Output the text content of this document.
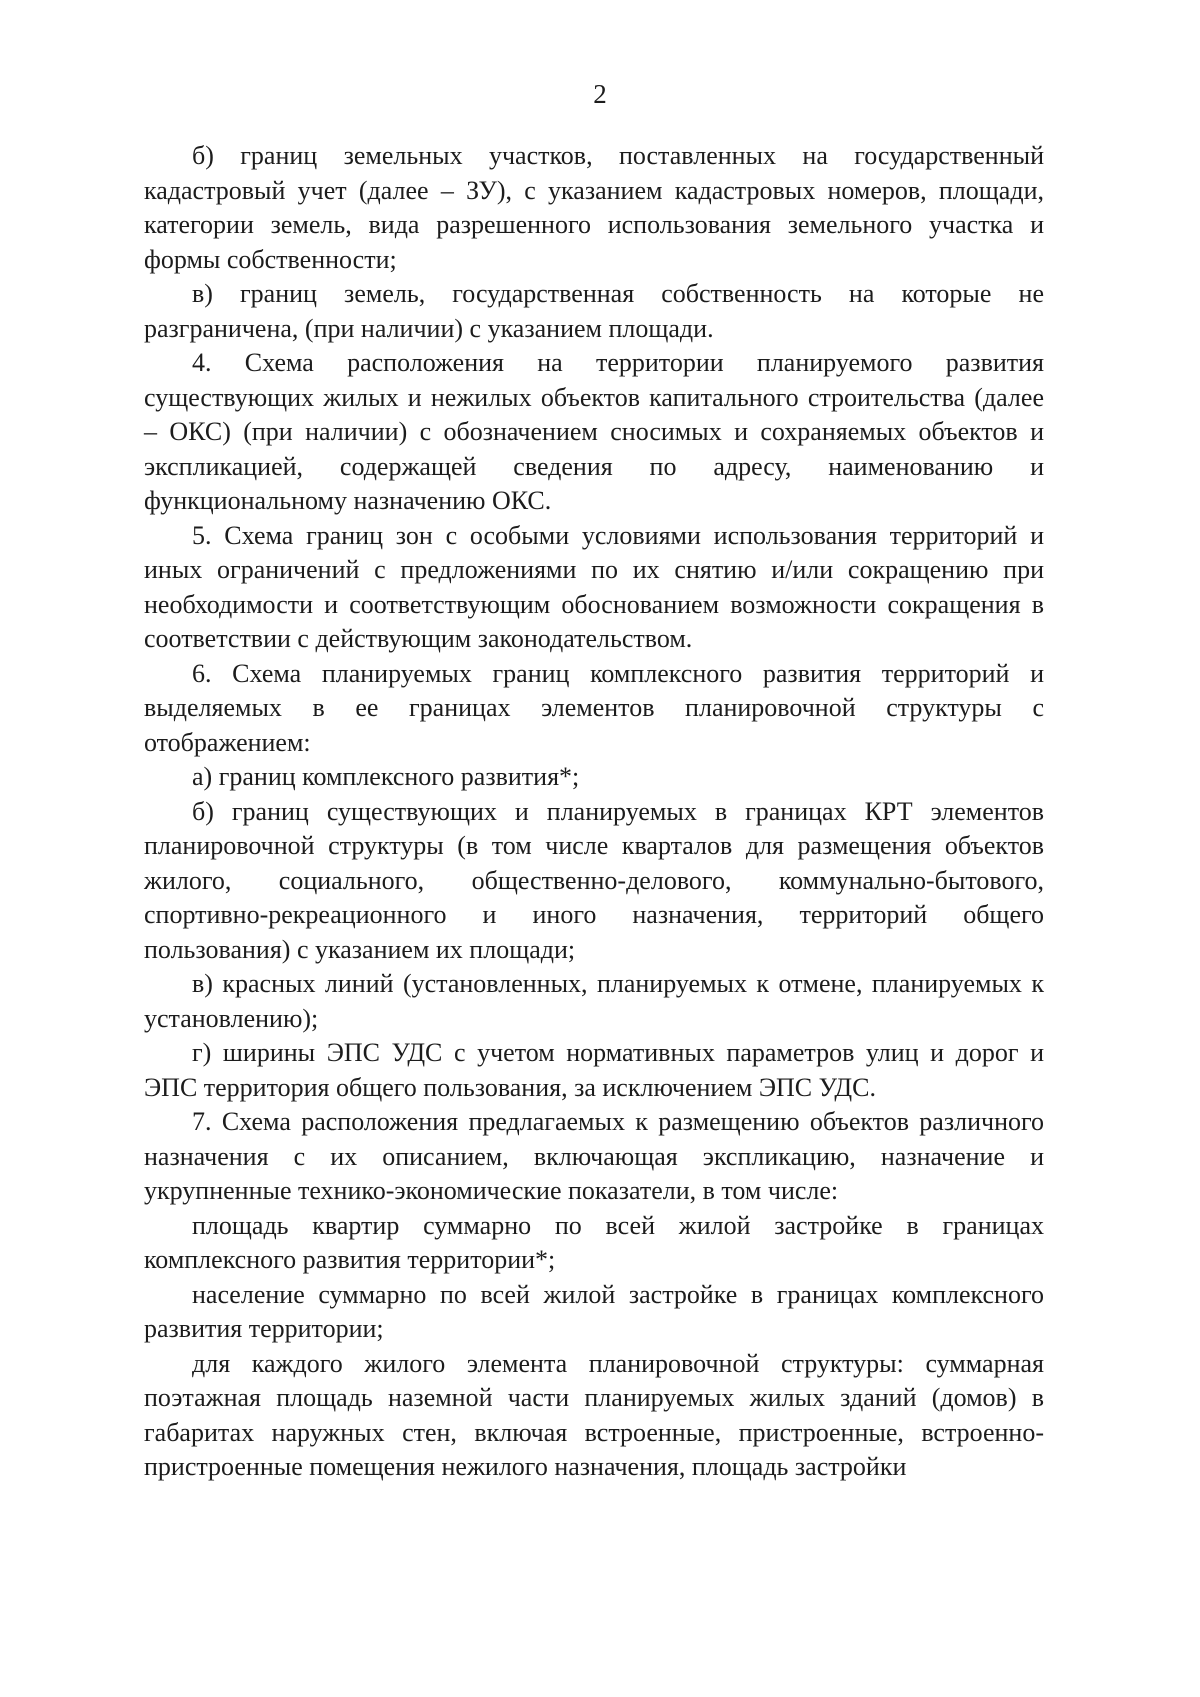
2

б) границ земельных участков, поставленных на государственный кадастровый учет (далее – ЗУ), с указанием кадастровых номеров, площади, категории земель, вида разрешенного использования земельного участка и формы собственности;

в) границ земель, государственная собственность на которые не разграничена, (при наличии) с указанием площади.

4. Схема расположения на территории планируемого развития существующих жилых и нежилых объектов капитального строительства (далее – ОКС) (при наличии) с обозначением сносимых и сохраняемых объектов и экспликацией, содержащей сведения по адресу, наименованию и функциональному назначению ОКС.

5. Схема границ зон с особыми условиями использования территорий и иных ограничений с предложениями по их снятию и/или сокращению при необходимости и соответствующим обоснованием возможности сокращения в соответствии с действующим законодательством.

6. Схема планируемых границ комплексного развития территорий и выделяемых в ее границах элементов планировочной структуры с отображением:

а) границ комплексного развития*;

б) границ существующих и планируемых в границах КРТ элементов планировочной структуры (в том числе кварталов для размещения объектов жилого, социального, общественно-делового, коммунально-бытового, спортивно-рекреационного и иного назначения, территорий общего пользования) с указанием их площади;

в) красных линий (установленных, планируемых к отмене, планируемых к установлению);

г) ширины ЭПС УДС с учетом нормативных параметров улиц и дорог и ЭПС территория общего пользования, за исключением ЭПС УДС.

7. Схема расположения предлагаемых к размещению объектов различного назначения с их описанием, включающая экспликацию, назначение и укрупненные технико-экономические показатели, в том числе:

площадь квартир суммарно по всей жилой застройке в границах комплексного развития территории*;

население суммарно по всей жилой застройке в границах комплексного развития территории;

для каждого жилого элемента планировочной структуры: суммарная поэтажная площадь наземной части планируемых жилых зданий (домов) в габаритах наружных стен, включая встроенные, пристроенные, встроенно-пристроенные помещения нежилого назначения, площадь застройки
